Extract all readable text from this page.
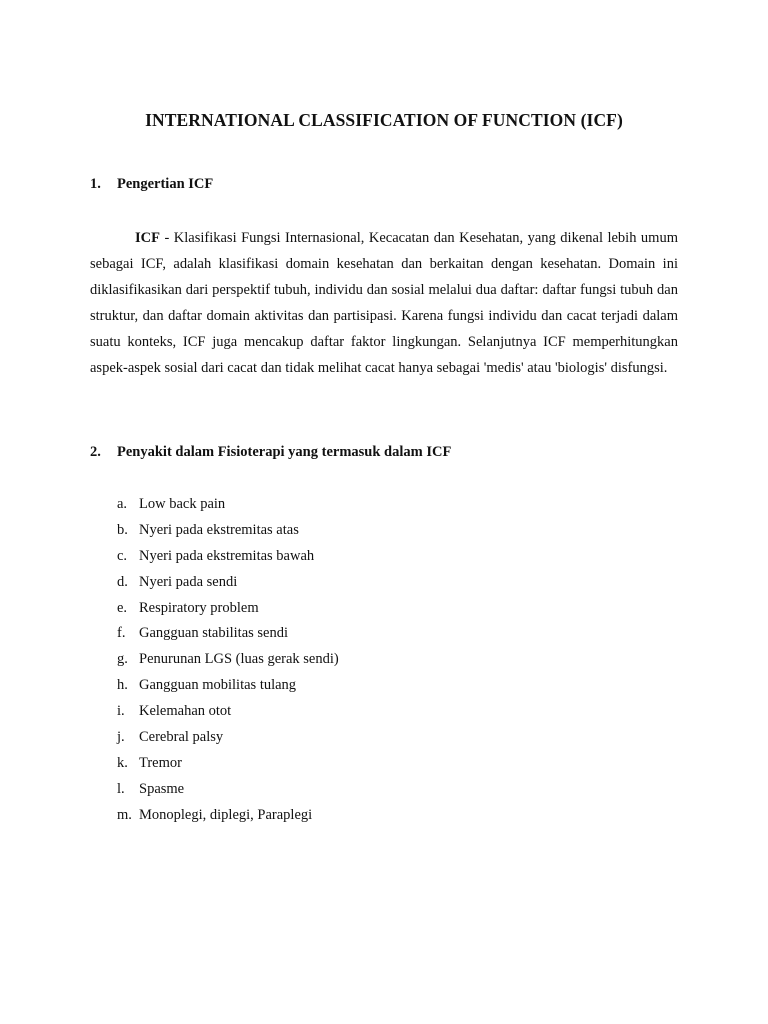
INTERNATIONAL CLASSIFICATION OF FUNCTION (ICF)
1. Pengertian ICF

ICF - Klasifikasi Fungsi Internasional, Kecacatan dan Kesehatan, yang dikenal lebih umum sebagai ICF, adalah klasifikasi domain kesehatan dan berkaitan dengan kesehatan. Domain ini diklasifikasikan dari perspektif tubuh, individu dan sosial melalui dua daftar: daftar fungsi tubuh dan struktur, dan daftar domain aktivitas dan partisipasi. Karena fungsi individu dan cacat terjadi dalam suatu konteks, ICF juga mencakup daftar faktor lingkungan. Selanjutnya ICF memperhitungkan aspek-aspek sosial dari cacat dan tidak melihat cacat hanya sebagai 'medis' atau 'biologis' disfungsi.

2. Penyakit dalam Fisioterapi yang termasuk dalam ICF
a. Low back pain
b. Nyeri pada ekstremitas atas
c. Nyeri pada ekstremitas bawah
d. Nyeri pada sendi
e. Respiratory problem
f. Gangguan stabilitas sendi
g. Penurunan LGS (luas gerak sendi)
h. Gangguan mobilitas tulang
i. Kelemahan otot
j. Cerebral palsy
k. Tremor
l. Spasme
m. Monoplegi, diplegi, Paraplegi
